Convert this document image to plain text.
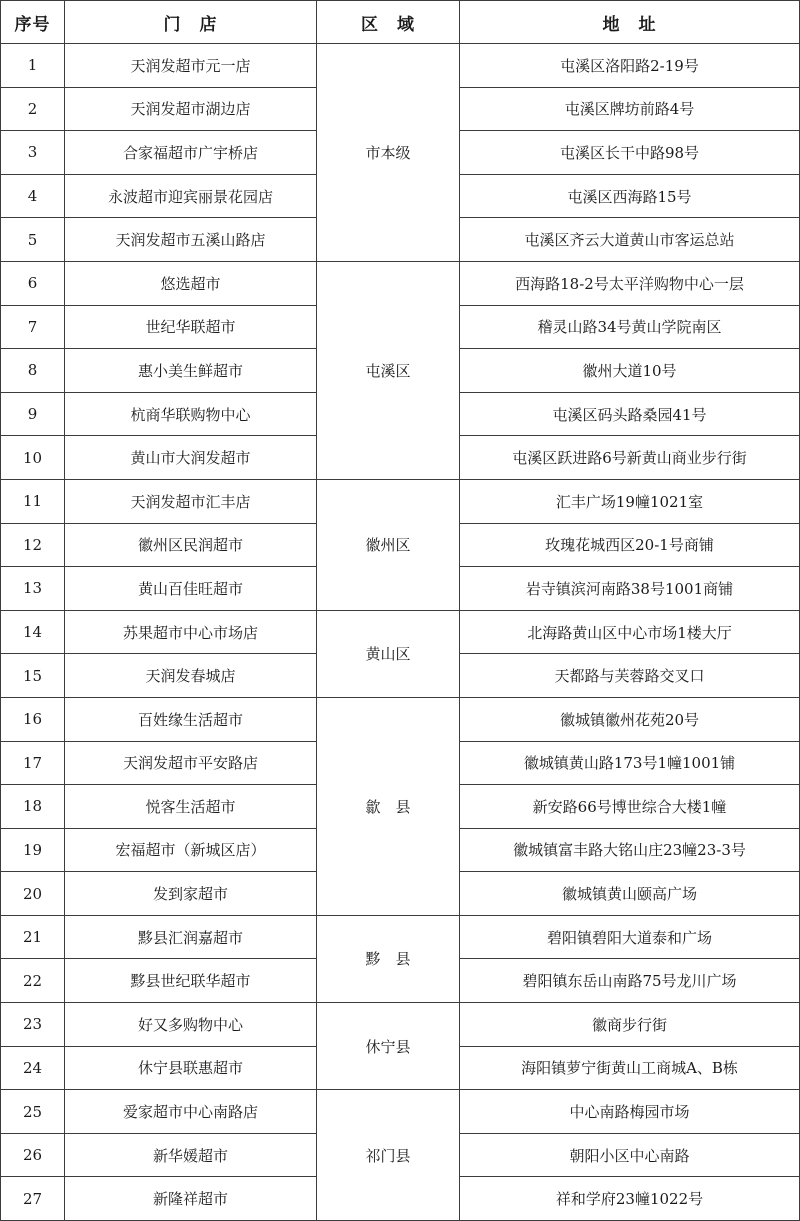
序号	门　店	区　域	地　址
1	天润发超市元一店	市本级	屯溪区洛阳路2-19号
2	天润发超市湖边店		屯溪区牌坊前路4号
3	合家福超市广宇桥店		屯溪区长干中路98号
4	永波超市迎宾丽景花园店		屯溪区西海路15号
5	天润发超市五溪山路店		屯溪区齐云大道黄山市客运总站
6	悠选超市	屯溪区	西海路18-2号太平洋购物中心一层
7	世纪华联超市		稽灵山路34号黄山学院南区
8	惠小美生鲜超市		徽州大道10号
9	杭商华联购物中心		屯溪区码头路桑园41号
10	黄山市大润发超市		屯溪区跃进路6号新黄山商业步行街
11	天润发超市汇丰店	徽州区	汇丰广场19幢1021室
12	徽州区民润超市		玫瑰花城西区20-1号商铺
13	黄山百佳旺超市		岩寺镇滨河南路38号1001商铺
14	苏果超市中心市场店	黄山区	北海路黄山区中心市场1楼大厅
15	天润发春城店		天都路与芙蓉路交叉口
16	百姓缘生活超市	歙　县	徽城镇徽州花苑20号
17	天润发超市平安路店		徽城镇黄山路173号1幢1001铺
18	悦客生活超市		新安路66号博世综合大楼1幢
19	宏福超市（新城区店）		徽城镇富丰路大铭山庄23幢23-3号
20	发到家超市		徽城镇黄山颐高广场
21	黟县汇润嘉超市	黟　县	碧阳镇碧阳大道泰和广场
22	黟县世纪联华超市		碧阳镇东岳山南路75号龙川广场
23	好又多购物中心	休宁县	徽商步行街
24	休宁县联惠超市		海阳镇萝宁街黄山工商城A、B栋
25	爱家超市中心南路店	祁门县	中心南路梅园市场
26	新华媛超市		朝阳小区中心南路
27	新隆祥超市		祥和学府23幢1022号
